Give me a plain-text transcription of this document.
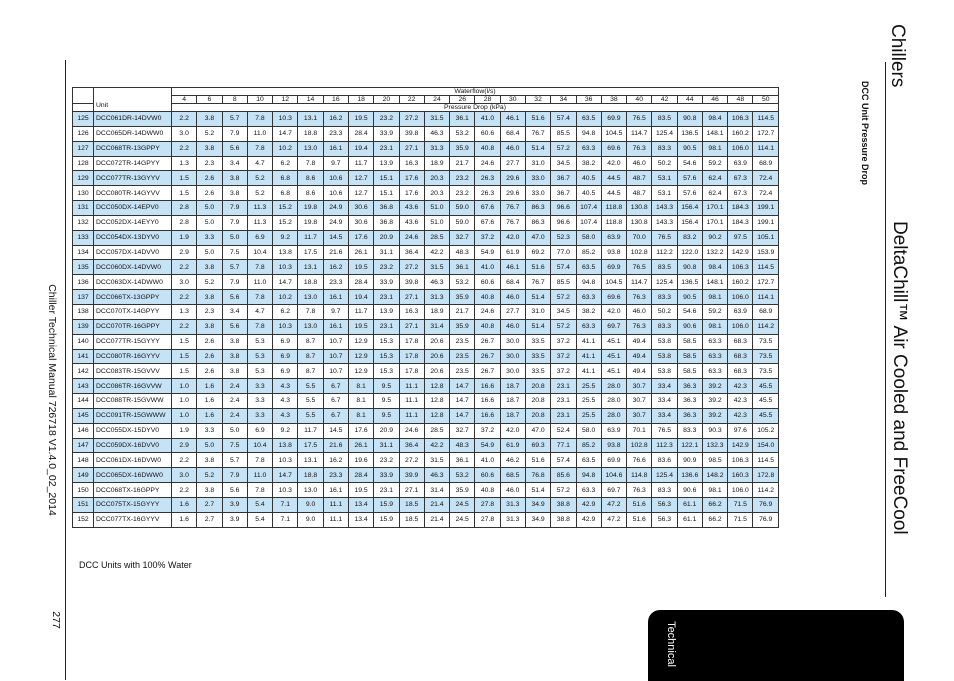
Chiller Technical Manual 726718 V1.4.0_02_2014
277
DCC Unit Pressure Drop
Chillers
DeltaChill™ Air Cooled and FreeCool
Technical
	Unit	Waterflow(l/s)																							
		4	6	8	10	12	14	16	18	20	22	24	26	28	30	32	34	36	38	40	42	44	46	48	50
		Pressure Drop (kPa)																							
125	DCC061DR-14DVW0	2.2	3.8	5.7	7.8	10.3	13.1	16.2	19.5	23.2	27.2	31.5	36.1	41.0	46.1	51.6	57.4	63.5	69.9	76.5	83.5	90.8	98.4	106.3	114.5
126	DCC065DR-14DWW0	3.0	5.2	7.9	11.0	14.7	18.8	23.3	28.4	33.9	39.8	46.3	53.2	60.6	68.4	76.7	85.5	94.8	104.5	114.7	125.4	136.5	148.1	160.2	172.7
127	DCC068TR-13GPPY	2.2	3.8	5.6	7.8	10.2	13.0	16.1	19.4	23.1	27.1	31.3	35.9	40.8	46.0	51.4	57.2	63.3	69.6	76.3	83.3	90.5	98.1	106.0	114.1
128	DCC072TR-14GPYY	1.3	2.3	3.4	4.7	6.2	7.8	9.7	11.7	13.9	16.3	18.9	21.7	24.6	27.7	31.0	34.5	38.2	42.0	46.0	50.2	54.6	59.2	63.9	68.9
129	DCC077TR-13GYYV	1.5	2.6	3.8	5.2	6.8	8.6	10.6	12.7	15.1	17.6	20.3	23.2	26.3	29.6	33.0	36.7	40.5	44.5	48.7	53.1	57.6	62.4	67.3	72.4
130	DCC080TR-14GYVV	1.5	2.6	3.8	5.2	6.8	8.6	10.6	12.7	15.1	17.6	20.3	23.2	26.3	29.6	33.0	36.7	40.5	44.5	48.7	53.1	57.6	62.4	67.3	72.4
131	DCC050DX-14EPV0	2.8	5.0	7.9	11.3	15.2	19.8	24.9	30.6	36.8	43.6	51.0	59.0	67.6	76.7	86.3	96.6	107.4	118.8	130.8	143.3	156.4	170.1	184.3	199.1
132	DCC052DX-14EYY0	2.8	5.0	7.9	11.3	15.2	19.8	24.9	30.6	36.8	43.6	51.0	59.0	67.6	76.7	86.3	96.6	107.4	118.8	130.8	143.3	156.4	170.1	184.3	199.1
133	DCC054DX-13DYV0	1.9	3.3	5.0	6.9	9.2	11.7	14.5	17.6	20.9	24.6	28.5	32.7	37.2	42.0	47.0	52.3	58.0	63.9	70.0	76.5	83.2	90.2	97.5	105.1
134	DCC057DX-14DVV0	2.9	5.0	7.5	10.4	13.8	17.5	21.6	26.1	31.1	36.4	42.2	48.3	54.9	61.9	69.2	77.0	85.2	93.8	102.8	112.2	122.0	132.2	142.9	153.9
135	DCC060DX-14DVW0	2.2	3.8	5.7	7.8	10.3	13.1	16.2	19.5	23.2	27.2	31.5	36.1	41.0	46.1	51.6	57.4	63.5	69.9	76.5	83.5	90.8	98.4	106.3	114.5
136	DCC063DX-14DWW0	3.0	5.2	7.9	11.0	14.7	18.8	23.3	28.4	33.9	39.8	46.3	53.2	60.6	68.4	76.7	85.5	94.8	104.5	114.7	125.4	136.5	148.1	160.2	172.7
137	DCC066TX-13GPPY	2.2	3.8	5.6	7.8	10.2	13.0	16.1	19.4	23.1	27.1	31.3	35.9	40.8	46.0	51.4	57.2	63.3	69.6	76.3	83.3	90.5	98.1	106.0	114.1
138	DCC070TX-14GPYY	1.3	2.3	3.4	4.7	6.2	7.8	9.7	11.7	13.9	16.3	18.9	21.7	24.6	27.7	31.0	34.5	38.2	42.0	46.0	50.2	54.6	59.2	63.9	68.9
139	DCC070TR-16GPPY	2.2	3.8	5.6	7.8	10.3	13.0	16.1	19.5	23.1	27.1	31.4	35.9	40.8	46.0	51.4	57.2	63.3	69.7	76.3	83.3	90.6	98.1	106.0	114.2
140	DCC077TR-15GYYY	1.5	2.6	3.8	5.3	6.9	8.7	10.7	12.9	15.3	17.8	20.6	23.5	26.7	30.0	33.5	37.2	41.1	45.1	49.4	53.8	58.5	63.3	68.3	73.5
141	DCC080TR-16GYYV	1.5	2.6	3.8	5.3	6.9	8.7	10.7	12.9	15.3	17.8	20.6	23.5	26.7	30.0	33.5	37.2	41.1	45.1	49.4	53.8	58.5	63.3	68.3	73.5
142	DCC083TR-15GVVV	1.5	2.6	3.8	5.3	6.9	8.7	10.7	12.9	15.3	17.8	20.6	23.5	26.7	30.0	33.5	37.2	41.1	45.1	49.4	53.8	58.5	63.3	68.3	73.5
143	DCC086TR-16GVVW	1.0	1.6	2.4	3.3	4.3	5.5	6.7	8.1	9.5	11.1	12.8	14.7	16.6	18.7	20.8	23.1	25.5	28.0	30.7	33.4	36.3	39.2	42.3	45.5
144	DCC088TR-15GVWW	1.0	1.6	2.4	3.3	4.3	5.5	6.7	8.1	9.5	11.1	12.8	14.7	16.6	18.7	20.8	23.1	25.5	28.0	30.7	33.4	36.3	39.2	42.3	45.5
145	DCC091TR-15GWWW	1.0	1.6	2.4	3.3	4.3	5.5	6.7	8.1	9.5	11.1	12.8	14.7	16.6	18.7	20.8	23.1	25.5	28.0	30.7	33.4	36.3	39.2	42.3	45.5
146	DCC055DX-15DYV0	1.9	3.3	5.0	6.9	9.2	11.7	14.5	17.6	20.9	24.6	28.5	32.7	37.2	42.0	47.0	52.4	58.0	63.9	70.1	76.5	83.3	90.3	97.6	105.2
147	DCC059DX-16DVV0	2.9	5.0	7.5	10.4	13.8	17.5	21.6	26.1	31.1	36.4	42.2	48.3	54.9	61.9	69.3	77.1	85.2	93.8	102.8	112.3	122.1	132.3	142.9	154.0
148	DCC061DX-16DVW0	2.2	3.8	5.7	7.8	10.3	13.1	16.2	19.6	23.2	27.2	31.5	36.1	41.0	46.2	51.6	57.4	63.5	69.9	76.6	83.6	90.9	98.5	106.3	114.5
149	DCC065DX-16DWW0	3.0	5.2	7.9	11.0	14.7	18.8	23.3	28.4	33.9	39.9	46.3	53.2	60.6	68.5	76.8	85.6	94.8	104.6	114.8	125.4	136.6	148.2	160.3	172.8
150	DCC068TX-16GPPY	2.2	3.8	5.6	7.8	10.3	13.0	16.1	19.5	23.1	27.1	31.4	35.9	40.8	46.0	51.4	57.2	63.3	69.7	76.3	83.3	90.6	98.1	106.0	114.2
151	DCC075TX-15GYYY	1.6	2.7	3.9	5.4	7.1	9.0	11.1	13.4	15.9	18.5	21.4	24.5	27.8	31.3	34.9	38.8	42.9	47.2	51.6	56.3	61.1	66.2	71.5	76.9
152	DCC077TX-16GYYV	1.6	2.7	3.9	5.4	7.1	9.0	11.1	13.4	15.9	18.5	21.4	24.5	27.8	31.3	34.9	38.8	42.9	47.2	51.6	56.3	61.1	66.2	71.5	76.9
DCC Units with 100% Water
